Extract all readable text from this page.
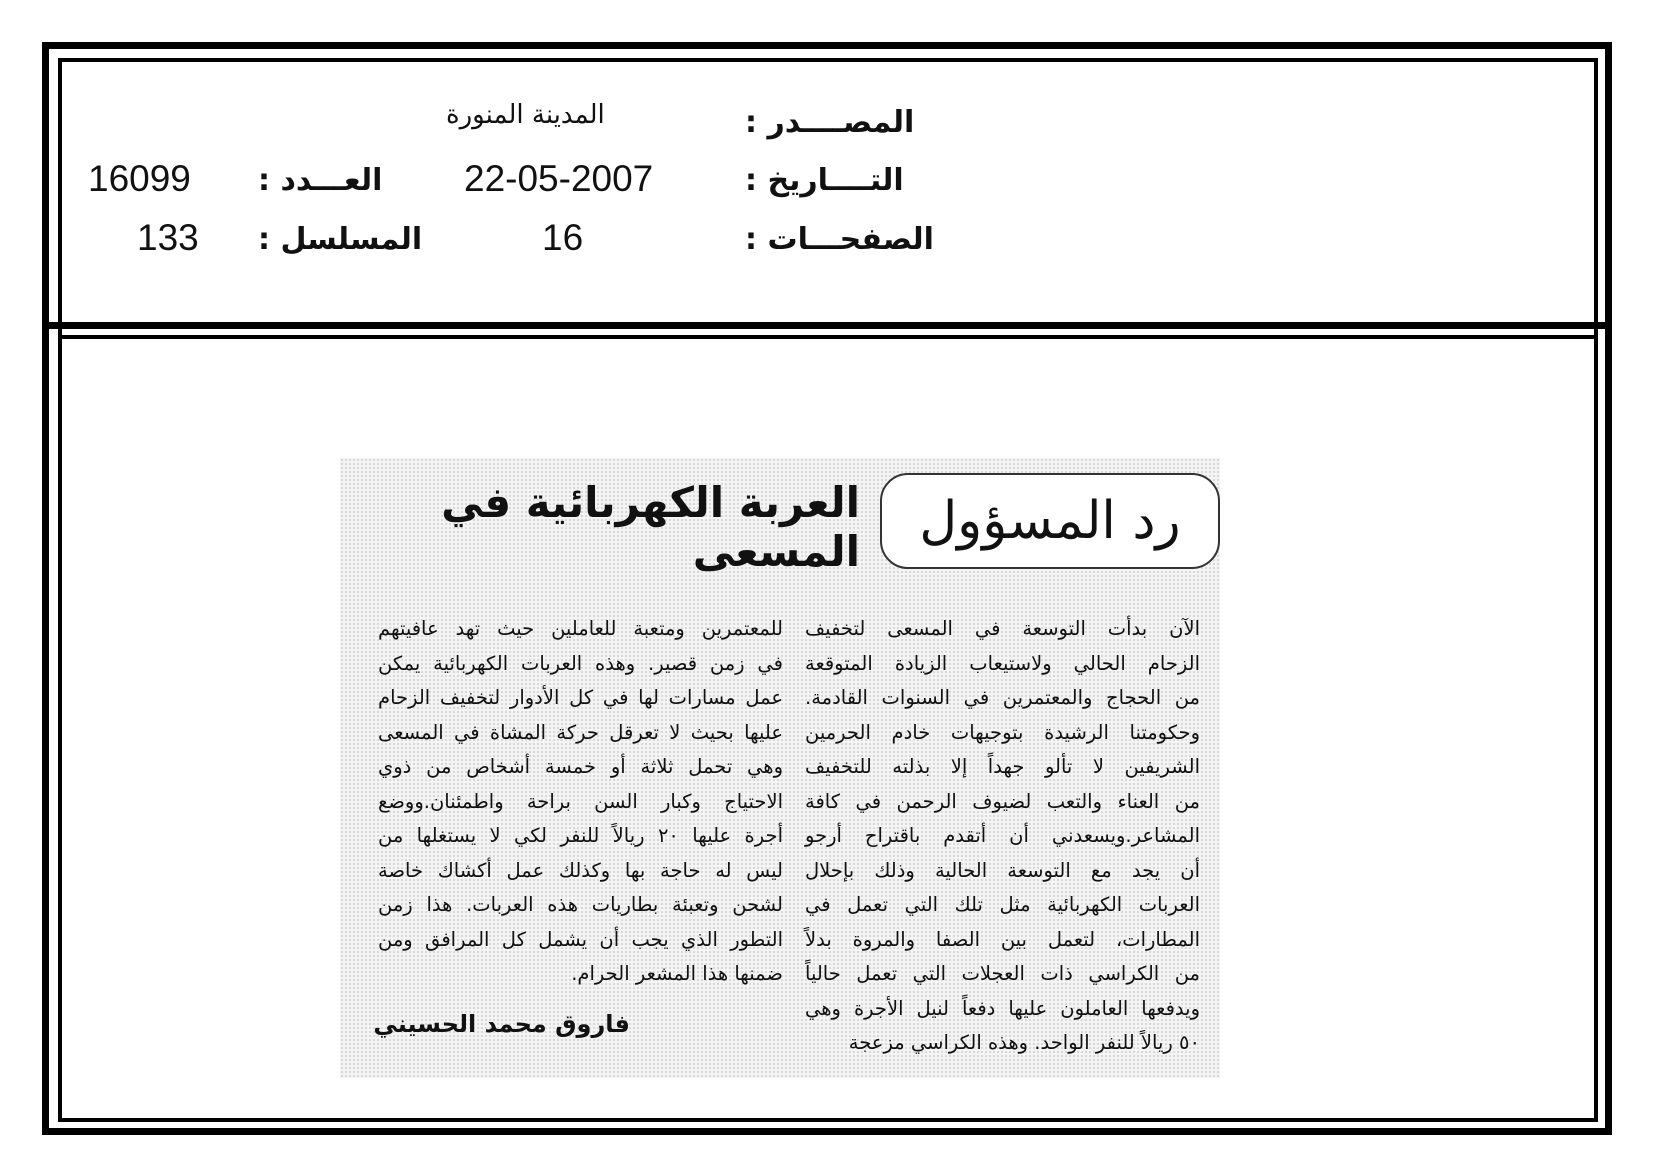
المصــــدر :
المدينة المنورة
التــــاريخ :
22-05-2007
العـــدد :
16099
الصفحـــات :
16
المسلسل :
133
رد المسؤول
العربة الكهربائية في المسعى
الآن بدأت التوسعة في المسعى لتخفيف
الزحام الحالي ولاستيعاب الزيادة المتوقعة
من الحجاج والمعتمرين في السنوات القادمة.
وحكومتنا الرشيدة بتوجيهات خادم الحرمين
الشريفين لا تألو جهداً إلا بذلته للتخفيف
من العناء والتعب لضيوف الرحمن في كافة
المشاعر.ويسعدني أن أتقدم باقتراح أرجو
أن يجد مع التوسعة الحالية وذلك بإحلال
العربات الكهربائية مثل تلك التي تعمل في
المطارات، لتعمل بين الصفا والمروة بدلاً
من الكراسي ذات العجلات التي تعمل حالياً
ويدفعها العاملون عليها دفعاً لنيل الأجرة وهي
٥٠ ريالاً للنفر الواحد. وهذه الكراسي مزعجة
للمعتمرين ومتعبة للعاملين حيث تهد عافيتهم
في زمن قصير. وهذه العربات الكهربائية يمكن
عمل مسارات لها في كل الأدوار لتخفيف الزحام
عليها بحيث لا تعرقل حركة المشاة في المسعى
وهي تحمل ثلاثة أو خمسة أشخاص من ذوي
الاحتياج وكبار السن براحة واطمئنان.ووضع
أجرة عليها ٢٠ ريالاً للنفر لكي لا يستغلها من
ليس له حاجة بها وكذلك عمل أكشاك خاصة
لشحن وتعبئة بطاريات هذه العربات. هذا زمن
التطور الذي يجب أن يشمل كل المرافق ومن
ضمنها هذا المشعر الحرام.
فاروق محمد الحسيني
